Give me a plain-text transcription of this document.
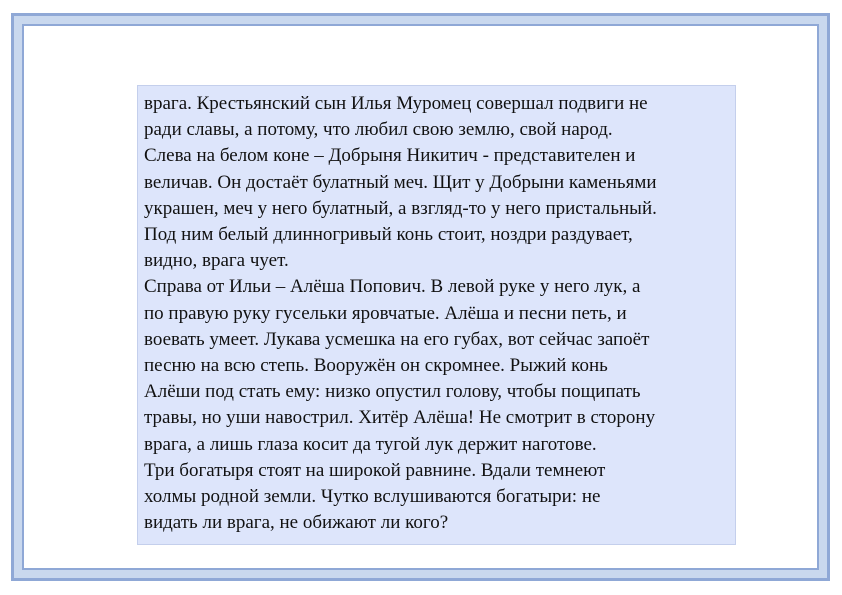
врага. Крестьянский сын Илья Муромец совершал подвиги не
ради славы, а потому, что любил свою землю, свой народ.
Слева на белом коне – Добрыня Никитич - представителен и
величав. Он достаёт булатный меч. Щит у Добрыни каменьями
украшен, меч у него булатный, а взгляд-то у него пристальный.
Под ним белый длинногривый конь стоит, ноздри раздувает,
видно, врага чует.
Справа от Ильи – Алёша Попович. В левой руке у него лук, а
по правую руку гусельки яровчатые. Алёша и песни петь, и
воевать умеет. Лукава усмешка на его губах, вот сейчас запоёт
песню на всю степь. Вооружён он скромнее. Рыжий конь
Алёши под стать ему: низко опустил голову, чтобы пощипать
травы, но уши навострил. Хитёр Алёша! Не смотрит в сторону
врага, а лишь глаза косит да тугой лук держит наготове.
Три богатыря стоят на широкой равнине. Вдали темнеют
холмы родной земли. Чутко вслушиваются богатыри: не
видать ли врага, не обижают ли кого?
